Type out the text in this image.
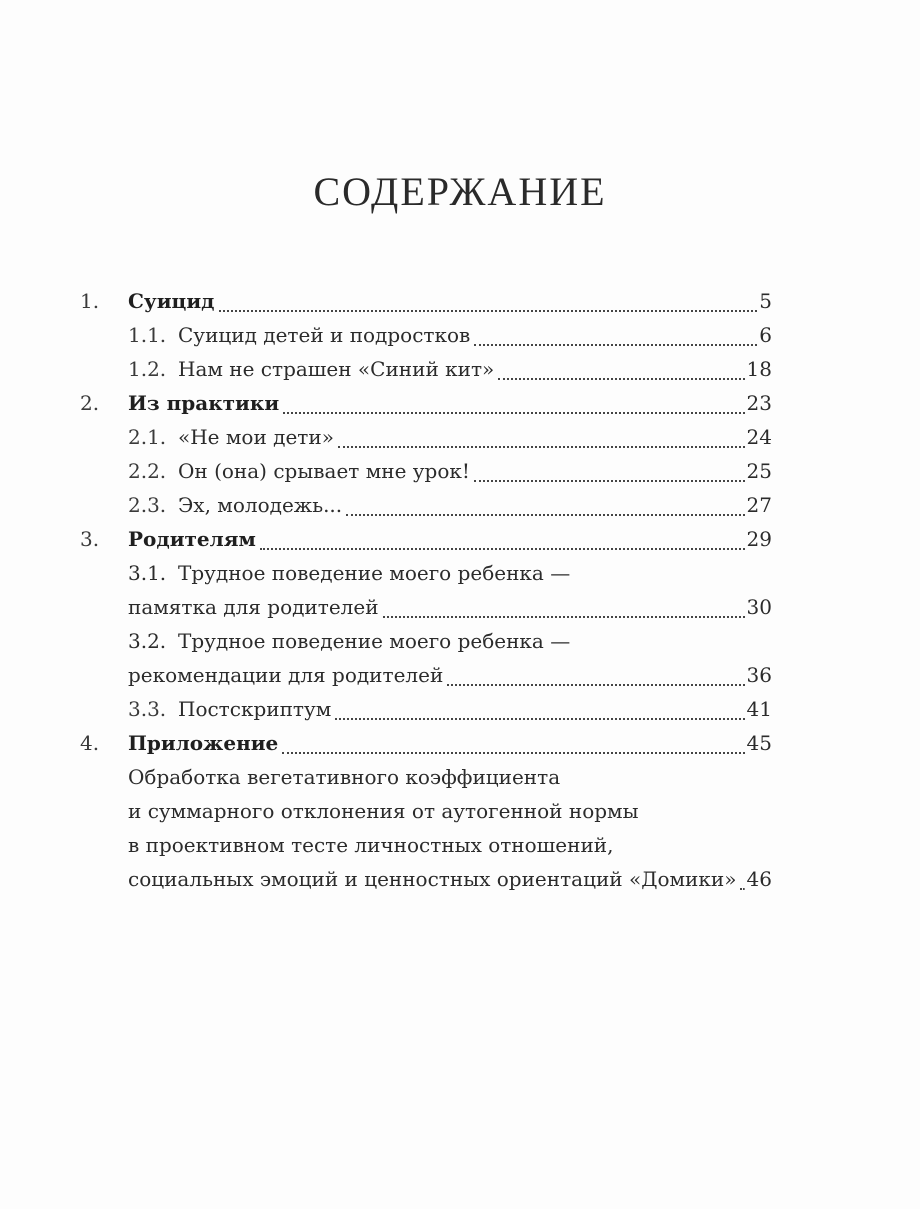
СОДЕРЖАНИЕ
1. Суицид	5
1.1. Суицид детей и подростков	6
1.2. Нам не страшен «Синий кит»	18
2. Из практики	23
2.1. «Не мои дети»	24
2.2. Он (она) срывает мне урок!	25
2.3. Эх, молодежь...	27
3. Родителям	29
3.1. Трудное поведение моего ребенка —
памятка для родителей	30
3.2. Трудное поведение моего ребенка —
рекомендации для родителей	36
3.3. Постскриптум	41
4. Приложение	45
Обработка вегетативного коэффициента
и суммарного отклонения от аутогенной нормы
в проективном тесте личностных отношений,
социальных эмоций и ценностных ориентаций «Домики» 46
